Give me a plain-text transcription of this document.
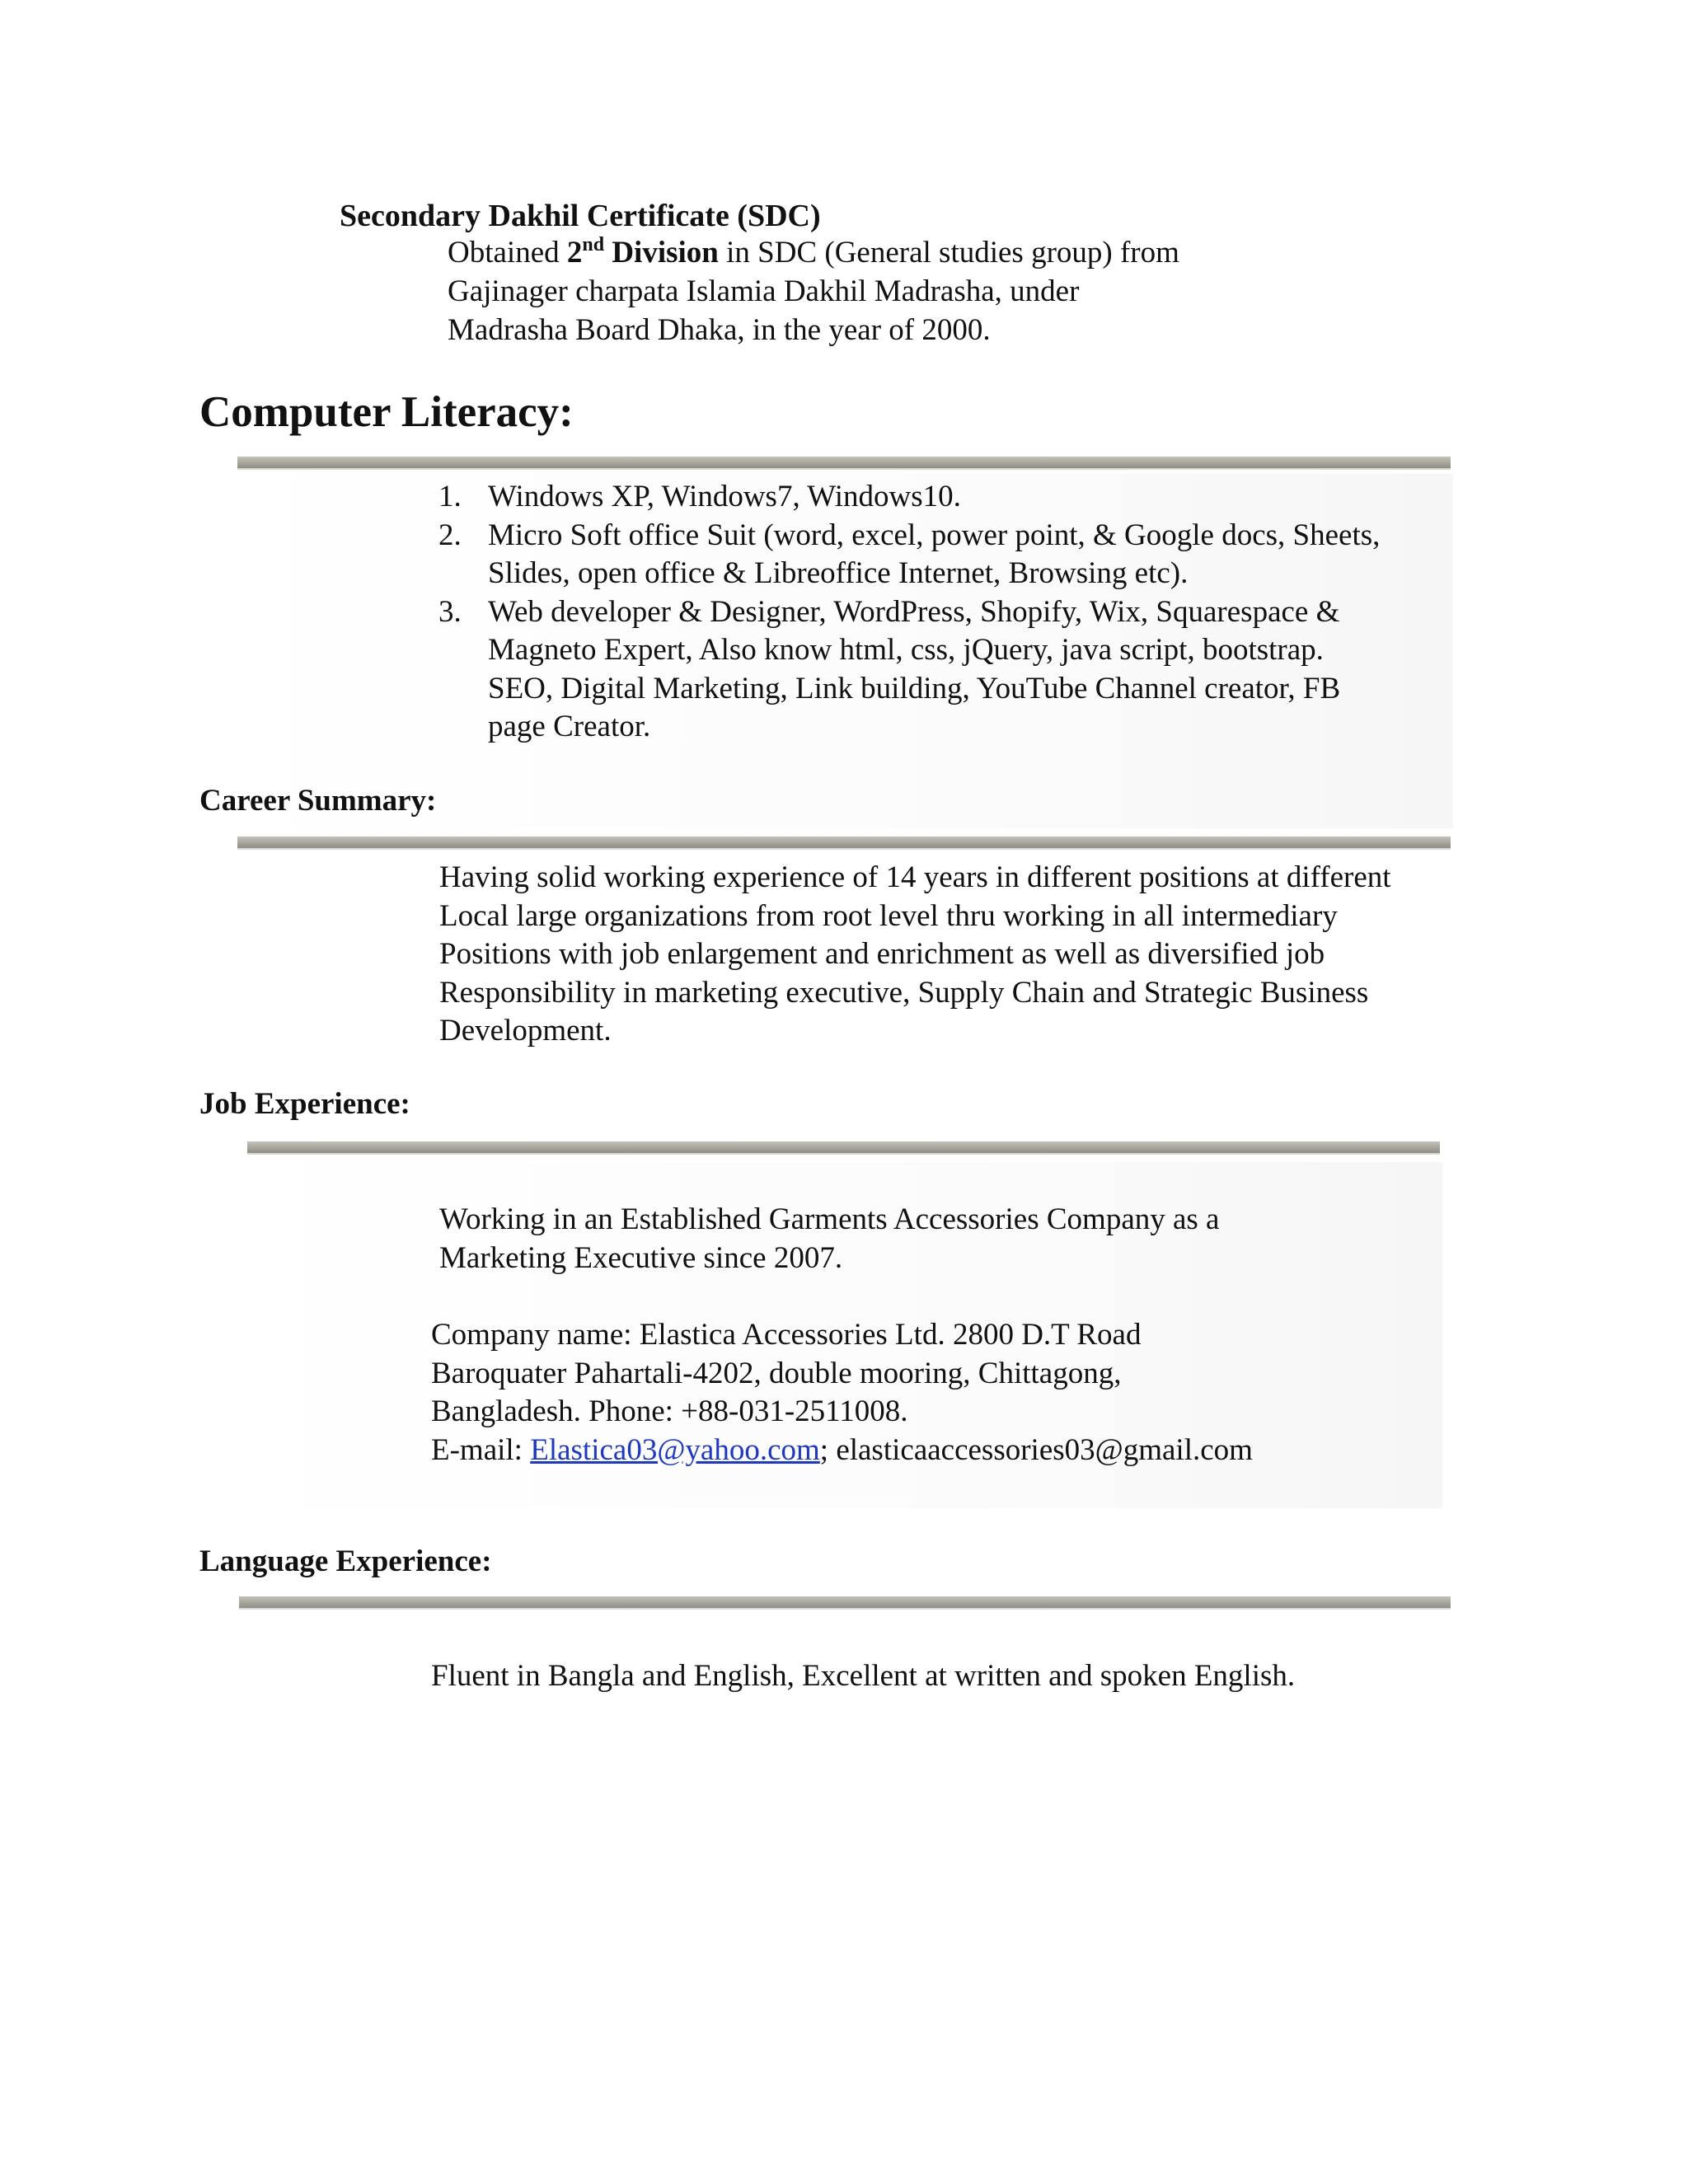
Secondary Dakhil Certificate (SDC)
Obtained 2nd Division in SDC (General studies group) from
Gajinager charpata Islamia Dakhil Madrasha, under
Madrasha Board Dhaka, in the year of 2000.
Computer Literacy:
1. Windows XP, Windows7, Windows10.
2. Micro Soft office Suit (word, excel, power point, & Google docs, Sheets,
Slides, open office & Libreoffice Internet, Browsing etc).
3. Web developer & Designer, WordPress, Shopify, Wix, Squarespace &
Magneto Expert, Also know html, css, jQuery, java script, bootstrap.
SEO, Digital Marketing, Link building, YouTube Channel creator, FB
page Creator.
Career Summary:
Having solid working experience of 14 years in different positions at different
Local large organizations from root level thru working in all intermediary
Positions with job enlargement and enrichment as well as diversified job
Responsibility in marketing executive, Supply Chain and Strategic Business
Development.
Job Experience:
Working in an Established Garments Accessories Company as a
Marketing Executive since 2007.
Company name: Elastica Accessories Ltd. 2800 D.T Road
Baroquater Pahartali-4202, double mooring, Chittagong,
Bangladesh. Phone: +88-031-2511008.
E-mail: Elastica03@yahoo.com; elasticaaccessories03@gmail.com
Language Experience:
Fluent in Bangla and English, Excellent at written and spoken English.
